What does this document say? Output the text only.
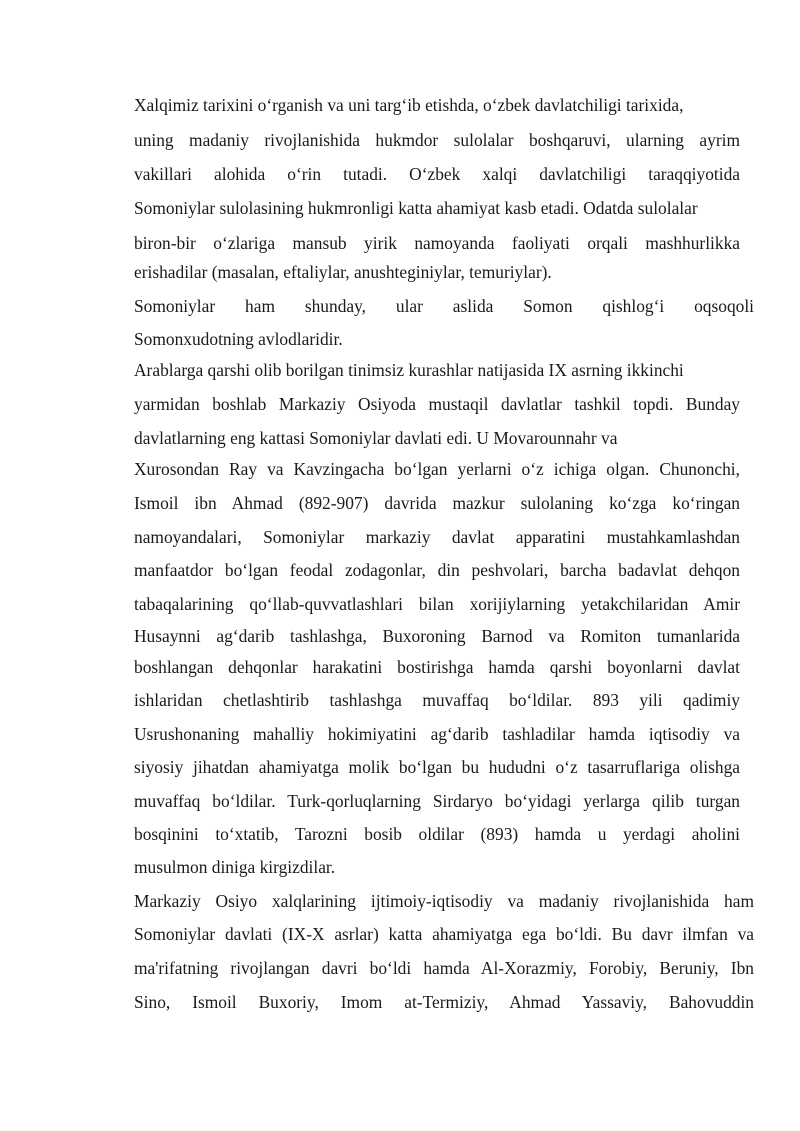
Xalqimiz tarixini o‘rganish va uni targ‘ib etishda, o‘zbek davlatchiligi tarixida,
uning madaniy rivojlanishida hukmdor sulolalar boshqaruvi, ularning ayrim
vakillari alohida o‘rin tutadi. O‘zbek xalqi davlatchiligi taraqqiyotida
Somoniylar sulolasining hukmronligi katta ahamiyat kasb etadi. Odatda sulolalar
biron-bir o‘zlariga mansub yirik namoyanda faoliyati orqali mashhurlikka
erishadilar (masalan, eftaliylar, anushteginiylar, temuriylar).
Somoniylar ham shunday, ular aslida Somon qishlog‘i oqsoqoli
Somonxudotning avlodlaridir.
Arablarga qarshi olib borilgan tinimsiz kurashlar natijasida IX asrning ikkinchi
yarmidan boshlab Markaziy Osiyoda mustaqil davlatlar tashkil topdi. Bunday
davlatlarning eng kattasi Somoniylar davlati edi. U Movarounnahr va
Xurosondan Ray va Kavzingacha bo‘lgan yerlarni o‘z ichiga olgan. Chunonchi,
Ismoil ibn Ahmad (892-907) davrida mazkur sulolaning ko‘zga ko‘ringan
namoyandalari, Somoniylar markaziy davlat apparatini mustahkamlashdan
manfaatdor bo‘lgan feodal zodagonlar, din peshvolari, barcha badavlat dehqon
tabaqalarining qo‘llab-quvvatlashlari bilan xorijiylarning yetakchilaridan Amir
Husaynni ag‘darib tashlashga, Buxoroning Barnod va Romiton tumanlarida
boshlangan dehqonlar harakatini bostirishga hamda qarshi boyonlarni davlat
ishlaridan chetlashtirib tashlashga muvaffaq bo‘ldilar. 893 yili qadimiy
Usrushonaning mahalliy hokimiyatini ag‘darib tashladilar hamda iqtisodiy va
siyosiy jihatdan ahamiyatga molik bo‘lgan bu hududni o‘z tasarruflariga olishga
muvaffaq bo‘ldilar. Turk-qorluqlarning Sirdaryo bo‘yidagi yerlarga qilib turgan
bosqinini to‘xtatib, Tarozni bosib oldilar (893) hamda u yerdagi aholini
musulmon diniga kirgizdilar.
Markaziy Osiyo xalqlarining ijtimoiy-iqtisodiy va madaniy rivojlanishida ham
Somoniylar davlati (IX-X asrlar) katta ahamiyatga ega bo‘ldi. Bu davr ilmfan va
ma'rifatning rivojlangan davri bo‘ldi hamda Al-Xorazmiy, Forobiy, Beruniy, Ibn
Sino, Ismoil Buxoriy, Imom at-Termiziy, Ahmad Yassaviy, Bahovuddin
